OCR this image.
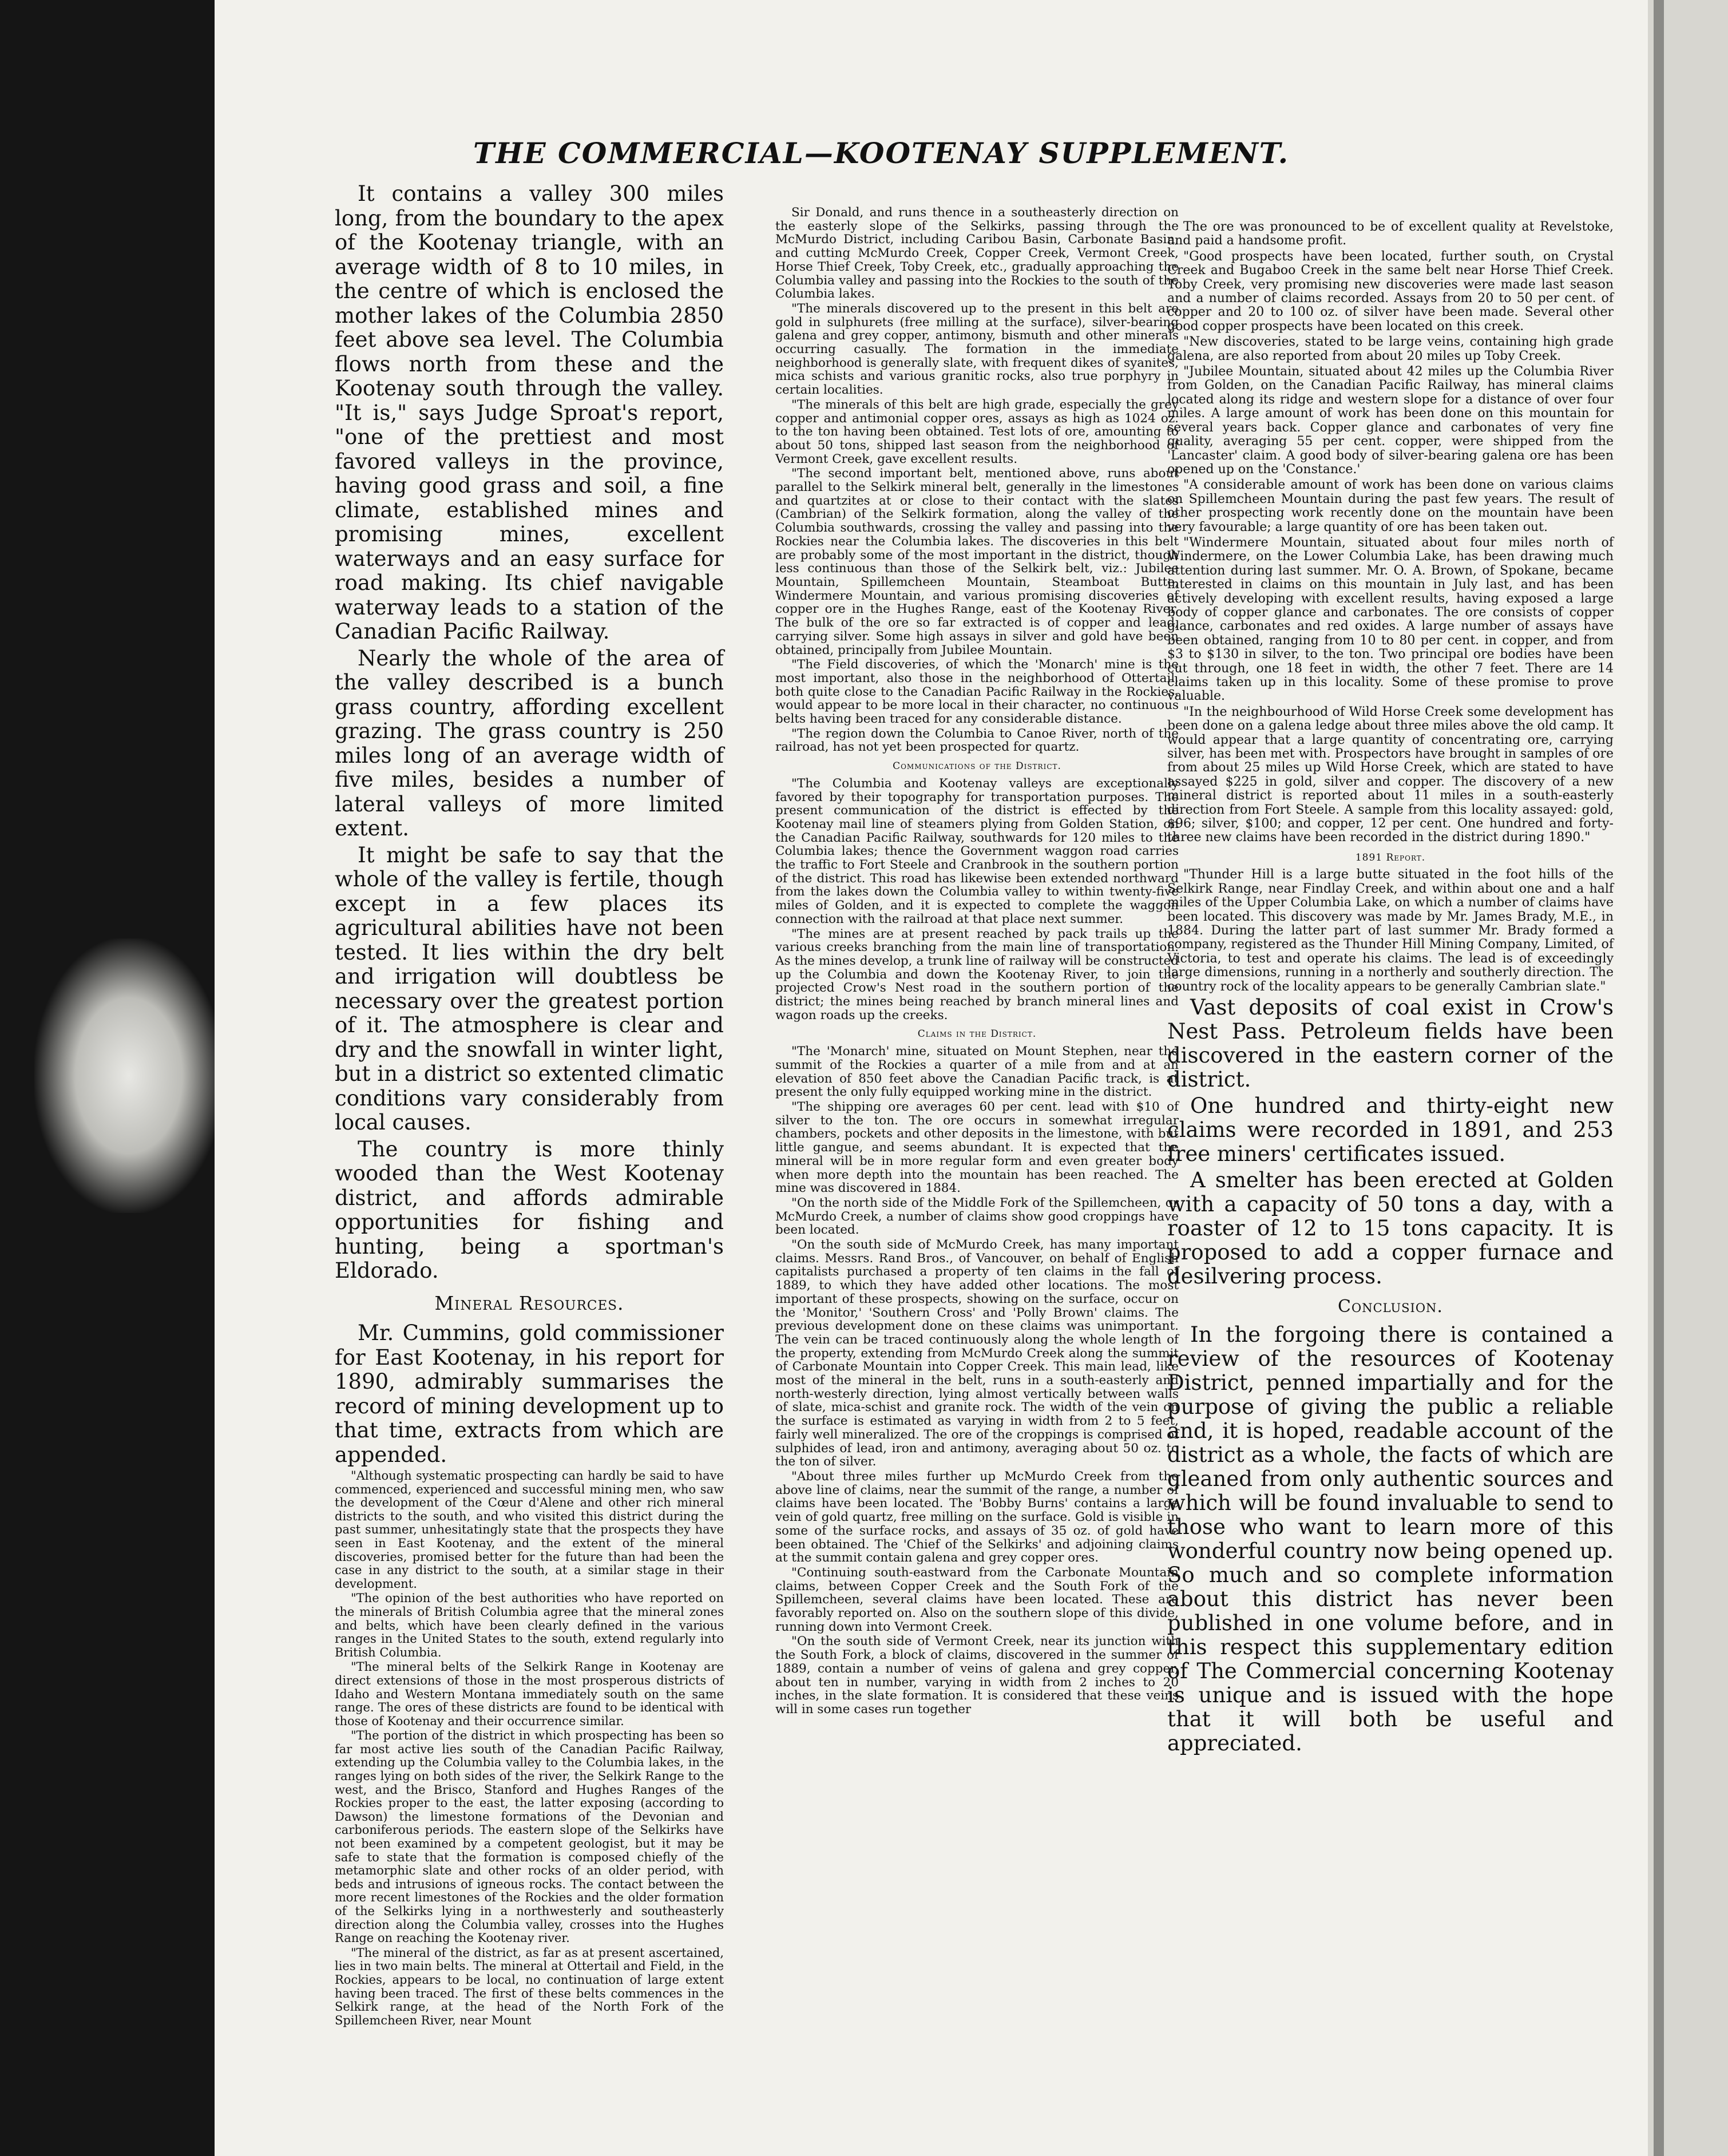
THE COMMERCIAL—KOOTENAY SUPPLEMENT.

It contains a valley 300 miles long, from the boundary to the apex of the Kootenay triangle, with an average width of 8 to 10 miles, in the centre of which is enclosed the mother lakes of the Columbia 2850 feet above sea level. The Columbia flows north from these and the Kootenay south through the valley. "It is," says Judge Sproat's report, "one of the prettiest and most favored valleys in the province, having good grass and soil, a fine climate, established mines and promising mines, excellent waterways and an easy surface for road making. Its chief navigable waterway leads to a station of the Canadian Pacific Railway.

Nearly the whole of the area of the valley described is a bunch grass country, affording excellent grazing. The grass country is 250 miles long of an average width of five miles, besides a number of lateral valleys of more limited extent.

It might be safe to say that the whole of the valley is fertile, though except in a few places its agricultural abilities have not been tested. It lies within the dry belt and irrigation will doubtless be necessary over the greatest portion of it. The atmosphere is clear and dry and the snowfall in winter light, but in a district so extented climatic conditions vary considerably from local causes.

The country is more thinly wooded than the West Kootenay district, and affords admirable opportunities for fishing and hunting, being a sportman's Eldorado.

Mineral Resources.

Mr. Cummins, gold commissioner for East Kootenay, in his report for 1890, admirably summarises the record of mining development up to that time, extracts from which are appended.

"Although systematic prospecting can hardly be said to have commenced, experienced and successful mining men, who saw the development of the Cœur d'Alene and other rich mineral districts to the south, and who visited this district during the past summer, unhesitatingly state that the prospects they have seen in East Kootenay, and the extent of the mineral discoveries, promised better for the future than had been the case in any district to the south, at a similar stage in their development.

"The opinion of the best authorities who have reported on the minerals of British Columbia agree that the mineral zones and belts, which have been clearly defined in the various ranges in the United States to the south, extend regularly into British Columbia.

"The mineral belts of the Selkirk Range in Kootenay are direct extensions of those in the most prosperous districts of Idaho and Western Montana immediately south on the same range. The ores of these districts are found to be identical with those of Kootenay and their occurrence similar.

"The portion of the district in which prospecting has been so far most active lies south of the Canadian Pacific Railway, extending up the Columbia valley to the Columbia lakes, in the ranges lying on both sides of the river, the Selkirk Range to the west, and the Brisco, Stanford and Hughes Ranges of the Rockies proper to the east, the latter exposing (according to Dawson) the limestone formations of the Devonian and carboniferous periods. The eastern slope of the Selkirks have not been examined by a competent geologist, but it may be safe to state that the formation is composed chiefly of the metamorphic slate and other rocks of an older period, with beds and intrusions of igneous rocks. The contact between the more recent limestones of the Rockies and the older formation of the Selkirks lying in a northwesterly and southeasterly direction along the Columbia valley, crosses into the Hughes Range on reaching the Kootenay river.

"The mineral of the district, as far as at present ascertained, lies in two main belts. The mineral at Ottertail and Field, in the Rockies, appears to be local, no continuation of large extent having been traced. The first of these belts commences in the Selkirk range, at the head of the North Fork of the Spillemcheen River, near Mount

Sir Donald, and runs thence in a southeasterly direction on the easterly slope of the Selkirks, passing through the McMurdo District, including Caribou Basin, Carbonate Basin, and cutting McMurdo Creek, Copper Creek, Vermont Creek, Horse Thief Creek, Toby Creek, etc., gradually approaching the Columbia valley and passing into the Rockies to the south of the Columbia lakes.

"The minerals discovered up to the present in this belt are gold in sulphurets (free milling at the surface), silver-bearing galena and grey copper, antimony, bismuth and other minerals occurring casually. The formation in the immediate neighborhood is generally slate, with frequent dikes of syanites, mica schists and various granitic rocks, also true porphyry in certain localities.

"The minerals of this belt are high grade, especially the grey copper and antimonial copper ores, assays as high as 1024 oz. to the ton having been obtained. Test lots of ore, amounting to about 50 tons, shipped last season from the neighborhood of Vermont Creek, gave excellent results.

"The second important belt, mentioned above, runs about parallel to the Selkirk mineral belt, generally in the limestones and quartzites at or close to their contact with the slates (Cambrian) of the Selkirk formation, along the valley of the Columbia southwards, crossing the valley and passing into the Rockies near the Columbia lakes. The discoveries in this belt are probably some of the most important in the district, though less continuous than those of the Selkirk belt, viz.: Jubilee Mountain, Spillemcheen Mountain, Steamboat Butte, Windermere Mountain, and various promising discoveries of copper ore in the Hughes Range, east of the Kootenay River. The bulk of the ore so far extracted is of copper and lead, carrying silver. Some high assays in silver and gold have been obtained, principally from Jubilee Mountain.

"The Field discoveries, of which the 'Monarch' mine is the most important, also those in the neighborhood of Ottertail, both quite close to the Canadian Pacific Railway in the Rockies, would appear to be more local in their character, no continuous belts having been traced for any considerable distance.

"The region down the Columbia to Canoe River, north of the railroad, has not yet been prospected for quartz.

Communications of the District.

"The Columbia and Kootenay valleys are exceptionally favored by their topography for transportation purposes. The present communication of the district is effected by the Kootenay mail line of steamers plying from Golden Station, on the Canadian Pacific Railway, southwards for 120 miles to the Columbia lakes; thence the Government waggon road carries the traffic to Fort Steele and Cranbrook in the southern portion of the district. This road has likewise been extended northward from the lakes down the Columbia valley to within twenty-five miles of Golden, and it is expected to complete the waggon connection with the railroad at that place next summer.

"The mines are at present reached by pack trails up the various creeks branching from the main line of transportation. As the mines develop, a trunk line of railway will be constructed up the Columbia and down the Kootenay River, to join the projected Crow's Nest road in the southern portion of the district; the mines being reached by branch mineral lines and wagon roads up the creeks.

Claims in the District.

"The 'Monarch' mine, situated on Mount Stephen, near the summit of the Rockies a quarter of a mile from and at an elevation of 850 feet above the Canadian Pacific track, is at present the only fully equipped working mine in the district.

"The shipping ore averages 60 per cent. lead with $10 of silver to the ton. The ore occurs in somewhat irregular chambers, pockets and other deposits in the limestone, with but little gangue, and seems abundant. It is expected that the mineral will be in more regular form and even greater body when more depth into the mountain has been reached. The mine was discovered in 1884.

"On the north side of the Middle Fork of the Spillemcheen, or McMurdo Creek, a number of claims show good croppings have been located.

"On the south side of McMurdo Creek, has many important claims. Messrs. Rand Bros., of Vancouver, on behalf of English capitalists purchased a property of ten claims in the fall of 1889, to which they have added other locations. The most important of these prospects, showing on the surface, occur on the 'Monitor,' 'Southern Cross' and 'Polly Brown' claims. The previous development done on these claims was unimportant. The vein can be traced continuously along the whole length of the property, extending from McMurdo Creek along the summit of Carbonate Mountain into Copper Creek. This main lead, like most of the mineral in the belt, runs in a south-easterly and north-westerly direction, lying almost vertically between walls of slate, mica-schist and granite rock. The width of the vein on the surface is estimated as varying in width from 2 to 5 feet, fairly well mineralized. The ore of the croppings is comprised of sulphides of lead, iron and antimony, averaging about 50 oz. to the ton of silver.

"About three miles further up McMurdo Creek from the above line of claims, near the summit of the range, a number of claims have been located. The 'Bobby Burns' contains a large vein of gold quartz, free milling on the surface. Gold is visible in some of the surface rocks, and assays of 35 oz. of gold have been obtained. The 'Chief of the Selkirks' and adjoining claims at the summit contain galena and grey copper ores.

"Continuing south-eastward from the Carbonate Mountain claims, between Copper Creek and the South Fork of the Spillemcheen, several claims have been located. These are favorably reported on. Also on the southern slope of this divide, running down into Vermont Creek.

"On the south side of Vermont Creek, near its junction with the South Fork, a block of claims, discovered in the summer of 1889, contain a number of veins of galena and grey copper, about ten in number, varying in width from 2 inches to 20 inches, in the slate formation. It is considered that these veins will in some cases run together

The ore was pronounced to be of excellent quality at Revelstoke, and paid a handsome profit.

"Good prospects have been located, further south, on Crystal Creek and Bugaboo Creek in the same belt near Horse Thief Creek. Toby Creek, very promising new discoveries were made last season and a number of claims recorded. Assays from 20 to 50 per cent. of copper and 20 to 100 oz. of silver have been made. Several other good copper prospects have been located on this creek.

"New discoveries, stated to be large veins, containing high grade galena, are also reported from about 20 miles up Toby Creek.

"Jubilee Mountain, situated about 42 miles up the Columbia River from Golden, on the Canadian Pacific Railway, has mineral claims located along its ridge and western slope for a distance of over four miles. A large amount of work has been done on this mountain for several years back. Copper glance and carbonates of very fine quality, averaging 55 per cent. copper, were shipped from the 'Lancaster' claim. A good body of silver-bearing galena ore has been opened up on the 'Constance.'

"A considerable amount of work has been done on various claims on Spillemcheen Mountain during the past few years. The result of other prospecting work recently done on the mountain have been very favourable; a large quantity of ore has been taken out.

"Windermere Mountain, situated about four miles north of Windermere, on the Lower Columbia Lake, has been drawing much attention during last summer. Mr. O. A. Brown, of Spokane, became interested in claims on this mountain in July last, and has been actively developing with excellent results, having exposed a large body of copper glance and carbonates. The ore consists of copper glance, carbonates and red oxides. A large number of assays have been obtained, ranging from 10 to 80 per cent. in copper, and from $3 to $130 in silver, to the ton. Two principal ore bodies have been cut through, one 18 feet in width, the other 7 feet. There are 14 claims taken up in this locality. Some of these promise to prove valuable.

"In the neighbourhood of Wild Horse Creek some development has been done on a galena ledge about three miles above the old camp. It would appear that a large quantity of concentrating ore, carrying silver, has been met with. Prospectors have brought in samples of ore from about 25 miles up Wild Horse Creek, which are stated to have assayed $225 in gold, silver and copper. The discovery of a new mineral district is reported about 11 miles in a south-easterly direction from Fort Steele. A sample from this locality assayed: gold, $96; silver, $100; and copper, 12 per cent. One hundred and forty-three new claims have been recorded in the district during 1890."

1891 Report.

"Thunder Hill is a large butte situated in the foot hills of the Selkirk Range, near Findlay Creek, and within about one and a half miles of the Upper Columbia Lake, on which a number of claims have been located. This discovery was made by Mr. James Brady, M.E., in 1884. During the latter part of last summer Mr. Brady formed a company, registered as the Thunder Hill Mining Company, Limited, of Victoria, to test and operate his claims. The lead is of exceedingly large dimensions, running in a northerly and southerly direction. The country rock of the locality appears to be generally Cambrian slate."

Vast deposits of coal exist in Crow's Nest Pass. Petroleum fields have been discovered in the eastern corner of the district.

One hundred and thirty-eight new claims were recorded in 1891, and 253 free miners' certificates issued.

A smelter has been erected at Golden with a capacity of 50 tons a day, with a roaster of 12 to 15 tons capacity. It is proposed to add a copper furnace and desilvering process.

Conclusion.

In the forgoing there is contained a review of the resources of Kootenay District, penned impartially and for the purpose of giving the public a reliable and, it is hoped, readable account of the district as a whole, the facts of which are gleaned from only authentic sources and which will be found invaluable to send to those who want to learn more of this wonderful country now being opened up. So much and so complete information about this district has never been published in one volume before, and in this respect this supplementary edition of The Commercial concerning Kootenay is unique and is issued with the hope that it will both be useful and appreciated.
